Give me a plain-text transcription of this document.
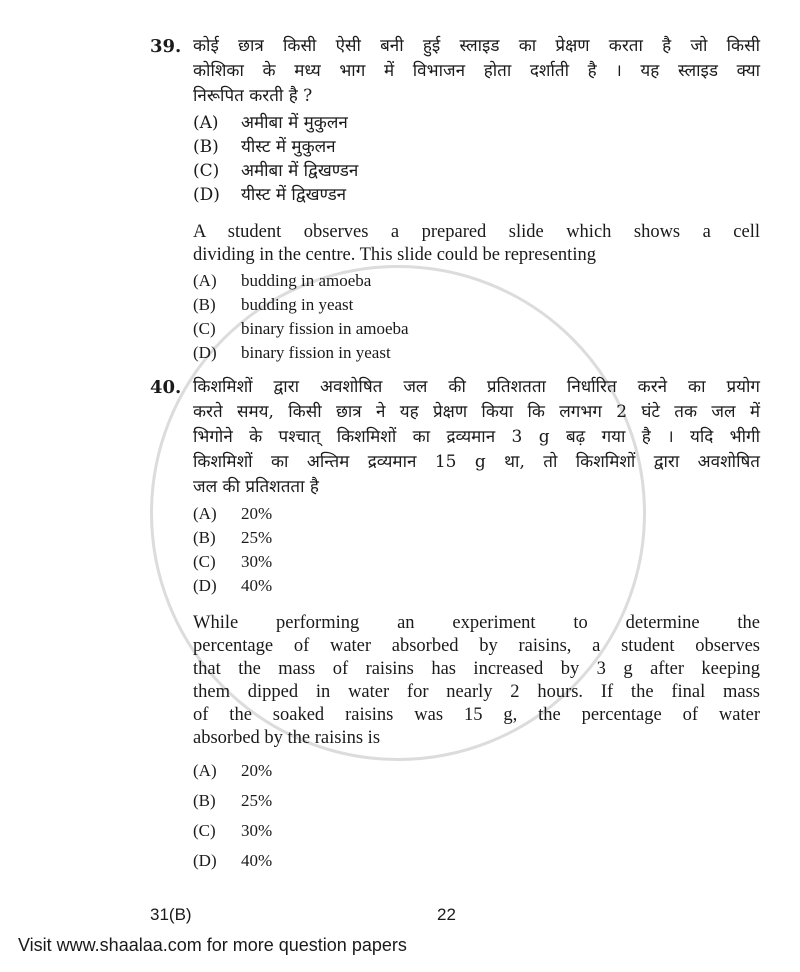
39. कोई छात्र किसी ऐसी बनी हुई स्लाइड का प्रेक्षण करता है जो किसी
कोशिका के मध्य भाग में विभाजन होता दर्शाती है । यह स्लाइड क्या
निरूपित करती है ?

(A) अमीबा में मुकुलन
(B) यीस्ट में मुकुलन
(C) अमीबा में द्विखण्डन
(D) यीस्ट में द्विखण्डन

A student observes a prepared slide which shows a cell
dividing in the centre. This slide could be representing

(A) budding in amoeba
(B) budding in yeast
(C) binary fission in amoeba
(D) binary fission in yeast
40. किशमिशों द्वारा अवशोषित जल की प्रतिशतता निर्धारित करने का प्रयोग
करते समय, किसी छात्र ने यह प्रेक्षण किया कि लगभग 2 घंटे तक जल में
भिगोने के पश्चात् किशमिशों का द्रव्यमान 3 g बढ़ गया है । यदि भीगी
किशमिशों का अन्तिम द्रव्यमान 15 g था, तो किशमिशों द्वारा अवशोषित
जल की प्रतिशतता है

(A) 20%
(B) 25%
(C) 30%
(D) 40%

While performing an experiment to determine the
percentage of water absorbed by raisins, a student observes
that the mass of raisins has increased by 3 g after keeping
them dipped in water for nearly 2 hours. If the final mass
of the soaked raisins was 15 g, the percentage of water
absorbed by the raisins is

(A) 20%
(B) 25%
(C) 30%
(D) 40%
31(B)	22
Visit www.shaalaa.com for more question papers
